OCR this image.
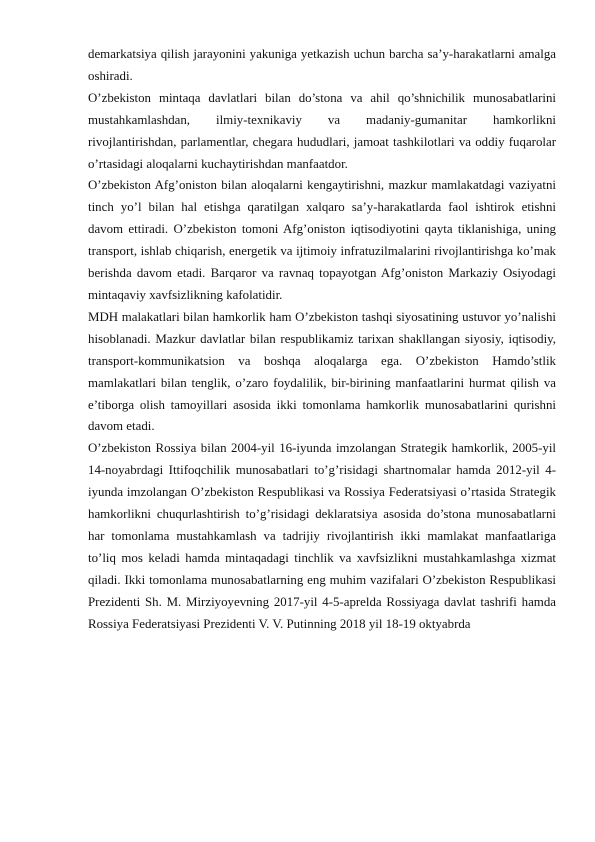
demarkatsiya qilish jarayonini yakuniga yetkazish uchun barcha sa’y-harakatlarni amalga oshiradi.

O’zbekiston mintaqa davlatlari bilan do’stona va ahil qo’shnichilik munosabatlarini mustahkamlashdan, ilmiy-texnikaviy va madaniy-gumanitar hamkorlikni rivojlantirishdan, parlamentlar, chegara hududlari, jamoat tashkilotlari va oddiy fuqarolar o’rtasidagi aloqalarni kuchaytirishdan manfaatdor.

O’zbekiston Afg’oniston bilan aloqalarni kengaytirishni, mazkur mamlakatdagi vaziyatni tinch yo’l bilan hal etishga qaratilgan xalqaro sa’y-harakatlarda faol ishtirok etishni davom ettiradi. O’zbekiston tomoni Afg’oniston iqtisodiyotini qayta tiklanishiga, uning transport, ishlab chiqarish, energetik va ijtimoiy infratuzilmalarini rivojlantirishga ko’mak berishda davom etadi. Barqaror va ravnaq topayotgan Afg’oniston Markaziy Osiyodagi mintaqaviy xavfsizlikning kafolatidir.

MDH malakatlari bilan hamkorlik ham O’zbekiston tashqi siyosatining ustuvor yo’nalishi hisoblanadi. Mazkur davlatlar bilan respublikamiz tarixan shakllangan siyosiy, iqtisodiy, transport-kommunikatsion va boshqa aloqalarga ega. O’zbekiston Hamdo’stlik mamlakatlari bilan tenglik, o’zaro foydalilik, bir-birining manfaatlarini hurmat qilish va e’tiborga olish tamoyillari asosida ikki tomonlama hamkorlik munosabatlarini qurishni davom etadi.

O’zbekiston Rossiya bilan 2004-yil 16-iyunda imzolangan Strategik hamkorlik, 2005-yil 14-noyabrdagi Ittifoqchilik munosabatlari to’g’risidagi shartnomalar hamda 2012-yil 4-iyunda imzolangan O’zbekiston Respublikasi va Rossiya Federatsiyasi o’rtasida Strategik hamkorlikni chuqurlashtirish to’g’risidagi deklaratsiya asosida do’stona munosabatlarni har tomonlama mustahkamlash va tadrijiy rivojlantirish ikki mamlakat manfaatlariga to’liq mos keladi hamda mintaqadagi tinchlik va xavfsizlikni mustahkamlashga xizmat qiladi. Ikki tomonlama munosabatlarning eng muhim vazifalari O’zbekiston Respublikasi Prezidenti Sh. M. Mirziyoyevning 2017-yil 4-5-aprelda Rossiyaga davlat tashrifi hamda Rossiya Federatsiyasi Prezidenti V. V. Putinning 2018 yil 18-19 oktyabrda
